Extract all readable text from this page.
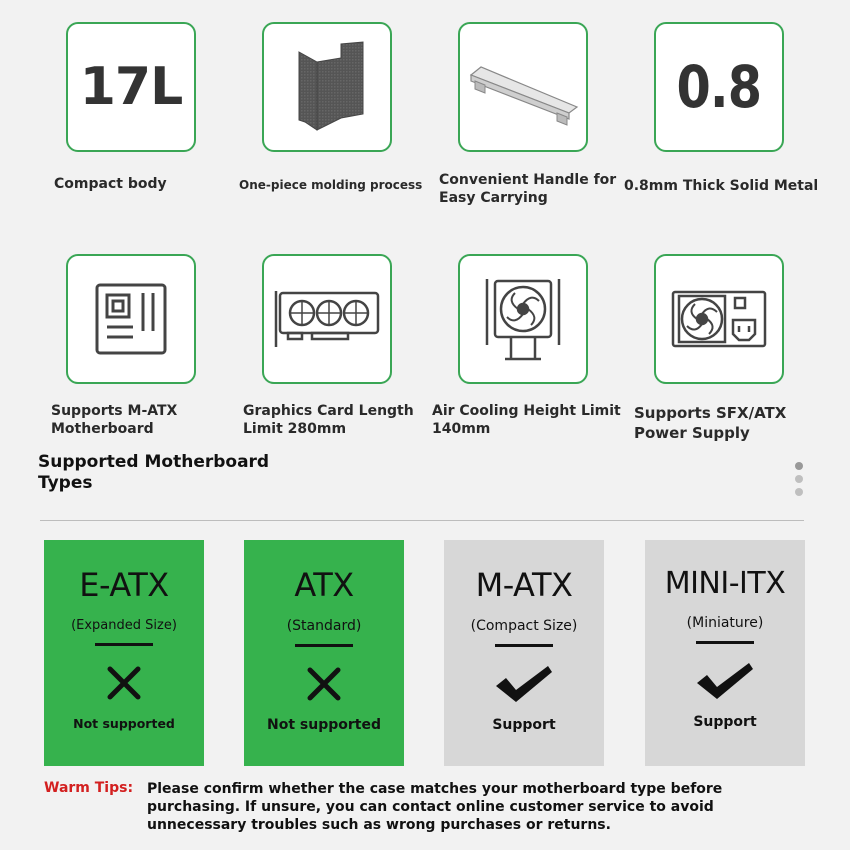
17L	0.8
Compact body	One-piece molding process	Convenient Handle for Easy Carrying
0.8mm Thick Solid Metal
Supports M-ATX Motherboard
Graphics Card Length Limit 280mm
Air Cooling Height Limit 140mm
Supports SFX/ATX Power Supply
Supported Motherboard Types
E-ATX
(Expanded Size)
Not supported
ATX
(Standard)
Not supported
M-ATX
(Compact Size)
Support
MINI-ITX
(Miniature)
Support
Warm Tips: Please confirm whether the case matches your motherboard type before purchasing. If unsure, you can contact online customer service to avoid unnecessary troubles such as wrong purchases or returns.
